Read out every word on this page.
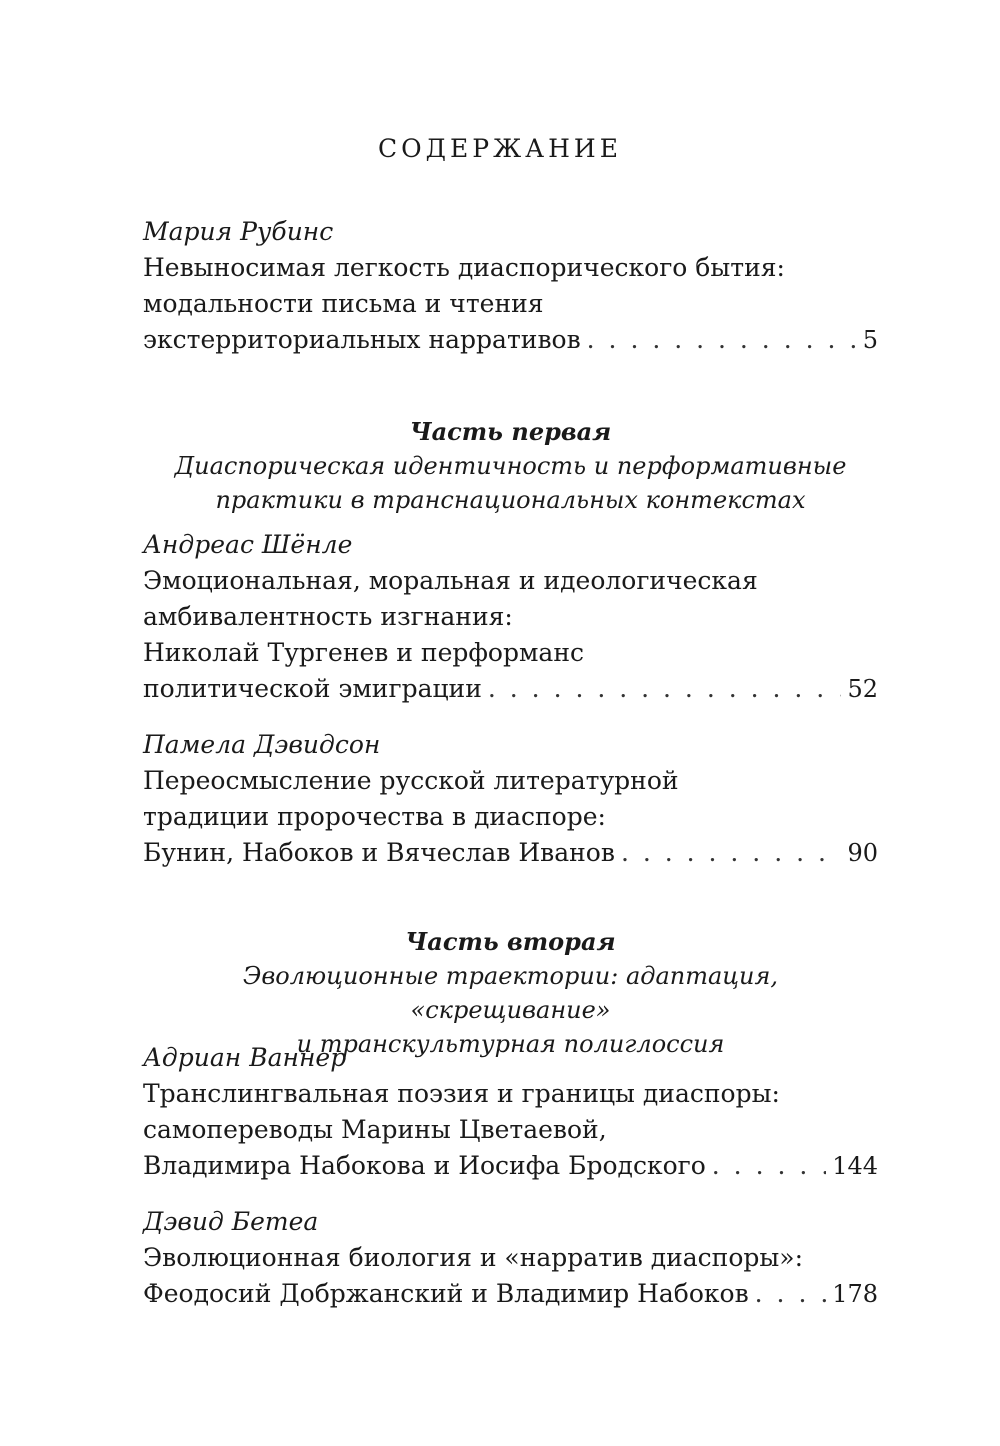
СОДЕРЖАНИЕ
Мария Рубинс
Невыносимая легкость диаспорического бытия:
модальности письма и чтения
экстерриториальных нарративов . . .	5
Часть первая
Диаспорическая идентичность и перформативные
практики в транснациональных контекстах
Андреас Шёнле
Эмоциональная, моральная и идеологическая
амбивалентность изгнания:
Николай Тургенев и перформанс
политической эмиграции . . .	52
Памела Дэвидсон
Переосмысление русской литературной
традиции пророчества в диаспоре:
Бунин, Набоков и Вячеслав Иванов . . .	90
Часть вторая
Эволюционные траектории: адаптация, «скрещивание»
и транскультурная полиглоссия
Адриан Ваннер
Транслингвальная поэзия и границы диаспоры:
самопереводы Марины Цветаевой,
Владимира Набокова и Иосифа Бродского . . .	144
Дэвид Бетеа
Эволюционная биология и «нарратив диаспоры»:
Феодосий Добржанский и Владимир Набоков . . .	178
